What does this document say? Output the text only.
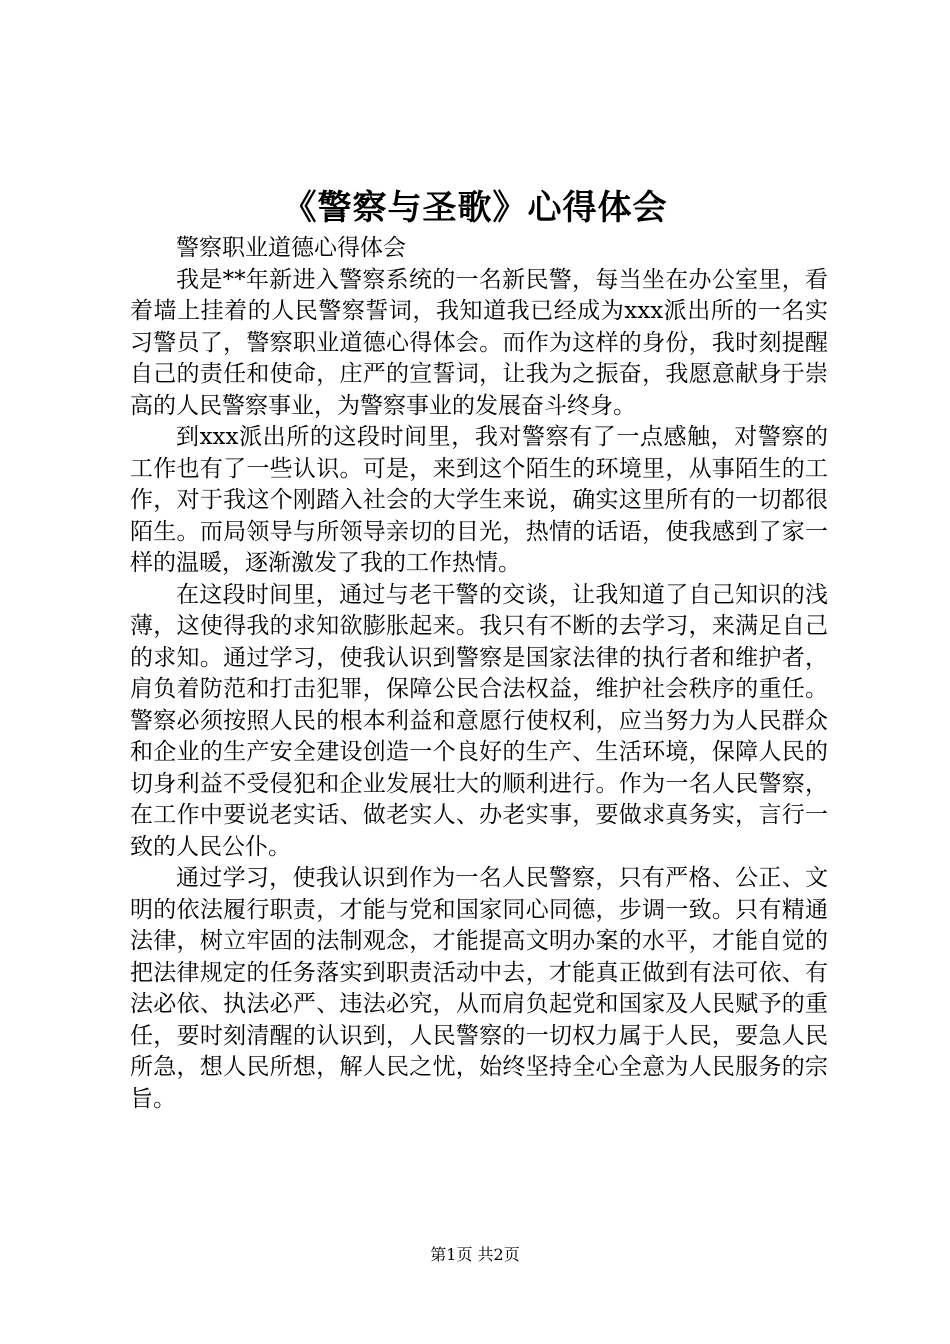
《警察与圣歌》心得体会

警察职业道德心得体会

我是**年新进入警察系统的一名新民警，每当坐在办公室里，看着墙上挂着的人民警察誓词，我知道我已经成为xxx派出所的一名实习警员了，警察职业道德心得体会。而作为这样的身份，我时刻提醒自己的责任和使命，庄严的宣誓词，让我为之振奋，我愿意献身于崇高的人民警察事业，为警察事业的发展奋斗终身。

到xxx派出所的这段时间里，我对警察有了一点感触，对警察的工作也有了一些认识。可是，来到这个陌生的环境里，从事陌生的工作，对于我这个刚踏入社会的大学生来说，确实这里所有的一切都很陌生。而局领导与所领导亲切的目光，热情的话语，使我感到了家一样的温暖，逐渐激发了我的工作热情。

在这段时间里，通过与老干警的交谈，让我知道了自己知识的浅薄，这使得我的求知欲膨胀起来。我只有不断的去学习，来满足自己的求知。通过学习，使我认识到警察是国家法律的执行者和维护者，肩负着防范和打击犯罪，保障公民合法权益，维护社会秩序的重任。警察必须按照人民的根本利益和意愿行使权利，应当努力为人民群众和企业的生产安全建设创造一个良好的生产、生活环境，保障人民的切身利益不受侵犯和企业发展壮大的顺利进行。作为一名人民警察，在工作中要说老实话、做老实人、办老实事，要做求真务实，言行一致的人民公仆。

通过学习，使我认识到作为一名人民警察，只有严格、公正、文明的依法履行职责，才能与党和国家同心同德，步调一致。只有精通法律，树立牢固的法制观念，才能提高文明办案的水平，才能自觉的把法律规定的任务落实到职责活动中去，才能真正做到有法可依、有法必依、执法必严、违法必究，从而肩负起党和国家及人民赋予的重任，要时刻清醒的认识到，人民警察的一切权力属于人民，要急人民所急，想人民所想，解人民之忧，始终坚持全心全意为人民服务的宗旨。

第1页 共2页
